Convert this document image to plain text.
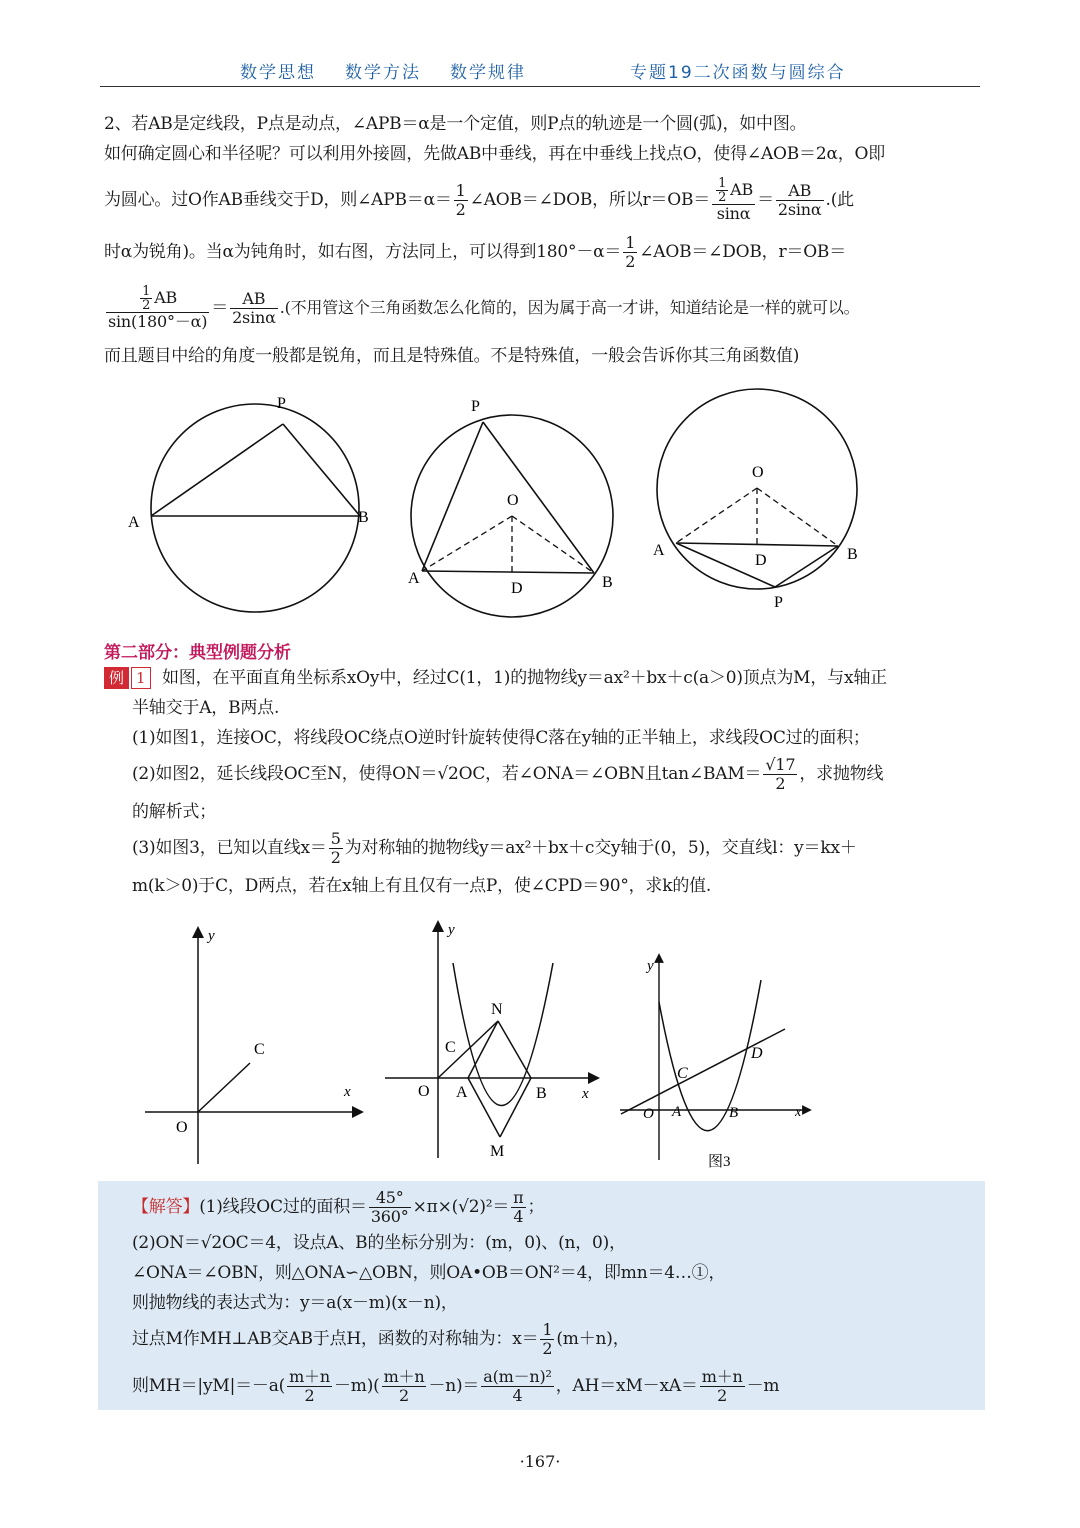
数学思想 数学方法 数学规律	专题19二次函数与圆综合
2、若AB是定线段，P点是动点，∠APB＝α是一个定值，则P点的轨迹是一个圆(弧)，如中图。
如何确定圆心和半径呢？可以利用外接圆，先做AB中垂线，再在中垂线上找点O，使得∠AOB＝2α，O即
为圆心。过O作AB垂线交于D，则∠APB＝α＝ $\frac{1}{2}$ ∠AOB＝∠DOB，所以$r=OB= \frac{\frac{1}{2} AB}{\sin\alpha} = \frac{AB}{2\sin\alpha}$ .(此
时α为锐角)。当α为钝角时，如右图，方法同上，可以得到$180^\circ-\alpha= \frac{1}{2}$ ∠AOB＝∠DOB，r＝OB＝
$\frac{\frac{1}{2} AB}{\sin(180^\circ-\alpha)} = \frac{AB}{2\sin\alpha}$ .(不用管这个三角函数怎么化简的，因为属于高一才讲，知道结论是一样的就可以。
而且题目中给的角度一般都是锐角，而且是特殊值。不是特殊值，一般会告诉你其三角函数值)
P
A	B
P
O
A
D	B
O
A
D	B
P
第二部分：典型例题分析
例 1 如图，在平面直角坐标系xOy中，经过C(1，1)的抛物线y＝ax²＋bx＋c(a＞0)顶点为M，与x轴正
半轴交于A，B两点.
(1)如图1，连接OC，将线段OC绕点O逆时针旋转使得C落在y轴的正半轴上，求线段OC过的面积；
(2)如图2，延长线段OC至N，使得ON＝√2OC，若∠ONA＝∠OBN且tan∠BAM＝ $\frac{√17}{2}$ ，求抛物线
的解析式；
(3)如图3，已知以直线$x= \frac{5}{2}$ 为对称轴的抛物线y＝ax²＋bx＋c交y轴于(0，5)，交直线l：y＝kx＋
m(k＞0)于C，D两点，若在x轴上有且仅有一点P，使∠CPD＝90°，求k的值.
y
C
x
O
y
N
C
O A	B x
M
y
D
C
O A	B	x
图3
【解答】 (1)线段OC过的面积＝ $\frac{45^\circ}{360^\circ} \times\pi\times(√2)^2= \frac{\pi}{4}$ ；
(2)ON＝√2OC＝4，设点A、B的坐标分别为：(m，0)、(n，0)，
∠ONA＝∠OBN，则△ONA∽△OBN，则OA•OB＝ON²＝4，即mn＝4…①，
则抛物线的表达式为：y＝a(x－m)(x－n)，
过点M作MH⊥AB交AB于点H，函数的对称轴为：$x= \frac{1}{2} (m+n)$，
则$MH=|yM|=-a( \frac{m+n}{2} -m)( \frac{m+n}{2} -n)= \frac{\text{a(m－n)²}}{4}$ ，$AH=xM-xA= \frac{m+n}{2} -m$
·167·
